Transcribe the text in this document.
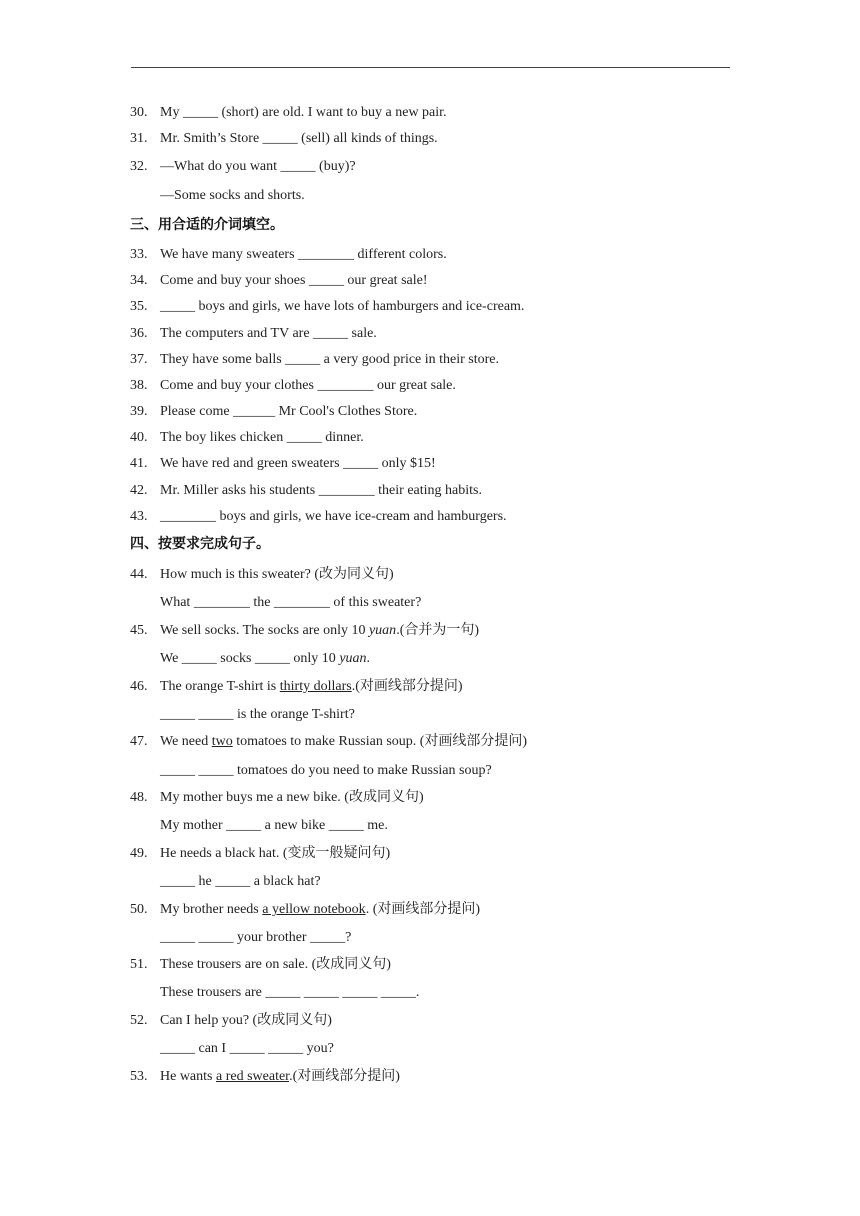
30. My _____ (short) are old. I want to buy a new pair.
31. Mr. Smith’s Store _____ (sell) all kinds of things.
32. —What do you want _____ (buy)?
—Some socks and shorts.
三、用合适的介词填空。
33. We have many sweaters ________ different colors.
34. Come and buy your shoes _____ our great sale!
35. _____ boys and girls, we have lots of hamburgers and ice-cream.
36. The computers and TV are _____ sale.
37. They have some balls _____ a very good price in their store.
38. Come and buy your clothes ________ our great sale.
39. Please come ______ Mr Cool's Clothes Store.
40. The boy likes chicken _____ dinner.
41. We have red and green sweaters _____ only $15!
42. Mr. Miller asks his students ________ their eating habits.
43. ________ boys and girls, we have ice-cream and hamburgers.
四、按要求完成句子。
44. How much is this sweater? (改为同义句)
What ________ the ________ of this sweater?
45. We sell socks. The socks are only 10 yuan.(合并为一句)
We _____ socks _____ only 10 yuan.
46. The orange T-shirt is thirty dollars.(对画线部分提问)
_____ _____ is the orange T-shirt?
47. We need two tomatoes to make Russian soup. (对画线部分提问)
_____ _____ tomatoes do you need to make Russian soup?
48. My mother buys me a new bike. (改成同义句)
My mother _____ a new bike _____ me.
49. He needs a black hat. (变成一般疑问句)
_____ he _____ a black hat?
50. My brother needs a yellow notebook. (对画线部分提问)
_____ _____ your brother _____?
51. These trousers are on sale. (改成同义句)
These trousers are _____ _____ _____ _____.
52. Can I help you? (改成同义句)
_____ can I _____ _____ you?
53. He wants a red sweater.(对画线部分提问)
